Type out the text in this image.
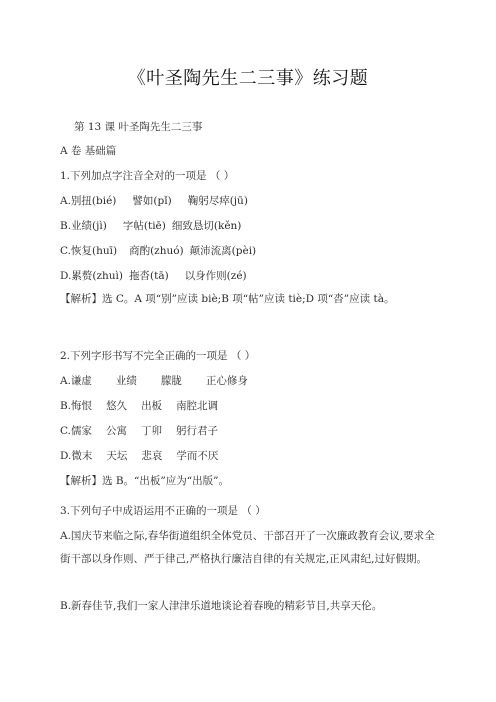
《叶圣陶先生二三事》练习题
第 13 课 叶圣陶先生二三事
A 卷 基础篇
1.下列加点字注音全对的一项是 （ ）
A.别扭(bié) 譬如(pǐ) 鞠躬尽瘁(jū)
B.业绩(jì) 字帖(tiē) 细致恳切(kěn)
C.恢复(huī) 商酌(zhuó) 颠沛流离(pèi)
D.累赘(zhuì) 拖沓(tā) 以身作则(zé)
【解析】选 C。A 项“别”应读 biè;B 项“帖”应读 tiè;D 项“沓”应读 tà。
2.下列字形书写不完全正确的一项是 （ ）
A.谦虚 业绩 朦胧 正心修身
B.悔恨 悠久 出板 南腔北调
C.儒家 公寓 丁卯 躬行君子
D.微末 天坛 悲哀 学而不厌
【解析】选 B。“出板”应为“出版”。
3.下列句子中成语运用不正确的一项是 （ ）
A.国庆节来临之际,春华街道组织全体党员、干部召开了一次廉政教育会议,要求全街干部以身作则、严于律己,严格执行廉洁自律的有关规定,正风肃纪,过好假期。
B.新春佳节,我们一家人津津乐道地谈论着春晚的精彩节目,共享天伦。
